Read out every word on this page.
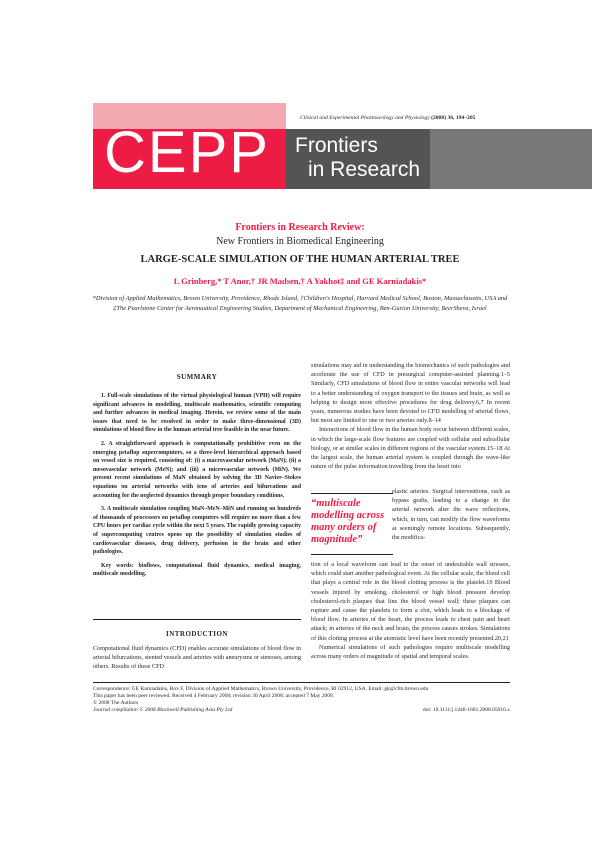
Clinical and Experimental Pharmacology and Physiology (2008) 36, 194–205
CEPP Frontiers
in Research
Frontiers in Research Review:
New Frontiers in Biomedical Engineering
LARGE-SCALE SIMULATION OF THE HUMAN ARTERIAL TREE
L Grinberg,* T Anor,† JR Madsen,† A Yakhot‡ and GE Karniadakis*
*Division of Applied Mathematics, Brown University, Providence, Rhode Island, †Children's Hospital, Harvard Medical School, Boston, Massachusetts, USA and ‡The Pearlstone Center for Aeronautical Engineering Studies, Department of Mechanical Engineering, Ben-Gurion University, BeerSheva, Israel
SUMMARY

1. Full-scale simulations of the virtual physiological human (VPH) will require significant advances in modelling, multiscale mathematics, scientific computing and further advances in medical imaging. Herein, we review some of the main issues that need to be resolved in order to make three-dimensional (3D) simulations of blood flow in the human arterial tree feasible in the near future.

2. A straightforward approach is computationally prohibitive even on the emerging petaflop supercomputers, so a three-level hierarchical approach based on vessel size is required, consisting of: (i) a macrovascular network (MaN); (ii) a mesovascular network (MeN); and (iii) a microvascular network (MiN). We present recent simulations of MaN obtained by solving the 3D Navier–Stokes equations on arterial networks with tens of arteries and bifurcations and accounting for the neglected dynamics through proper boundary conditions.

3. A multiscale simulation coupling MaN–MeN–MiN and running on hundreds of thousands of processors on petaflop computers will require no more than a few CPU hours per cardiac cycle within the next 5 years. The rapidly growing capacity of supercomputing centres opens up the possibility of simulation studies of cardiovascular diseases, drug delivery, perfusion in the brain and other pathologies.

Key words: bioflows, computational fluid dynamics, medical imaging, multiscale modelling.

INTRODUCTION
Computational fluid dynamics (CFD) enables accurate simulations of blood flow in arterial bifurcations, stented vessels and arteries with aneurysms or stenoses, among others. Results of these CFD

simulations may aid in understanding the biomechanics of such pathologies and accelerate the use of CFD in presurgical computer-assisted planning.1–5 Similarly, CFD simulations of blood flow in entire vascular networks will lead to a better understanding of oxygen transport to the tissues and brain, as well as helping to design more effective procedures for drug delivery.6,7 In recent years, numerous studies have been devoted to CFD modelling of arterial flows, but most are limited to one or two arteries only.8–14

Interactions of blood flow in the human body occur between different scales, in which the large-scale flow features are coupled with cellular and subcellular biology, or at similar scales in different regions of the vascular system.15–18 At the largest scale, the human arterial system is coupled through the wave-like nature of the pulse information travelling from the heart into

“multiscale modelling across many orders of magnitude”
elastic arteries. Surgical interventions, such as bypass grafts, leading to a change in the arterial network alter the wave reflections, which, in turn, can modify the flow waveforms at seemingly remote locations. Subsequently, the modifica-

tion of a local waveform can lead to the onset of undesirable wall stresses, which could start another pathological event. At the cellular scale, the blood cell that plays a central role in the blood clotting process is the platelet.19 Blood vessels injured by smoking, cholesterol or high blood pressure develop cholesterol-rich plaques that line the blood vessel wall; these plaques can rupture and cause the platelets to form a clot, which leads to a blockage of blood flow. In arteries of the heart, the process leads to chest pain and heart attack; in arteries of the neck and brain, the process causes strokes. Simulations of this clotting process at the atomistic level have been recently presented.20,21

Numerical simulations of such pathologies require multiscale modelling across many orders of magnitude of spatial and temporal scales.

Correspondence: GE Karniadakis, Box F, Division of Applied Mathematics, Brown University, Providence, RI 02912, USA. Email: gk@cfm.brown.edu
This paper has been peer reviewed. Received 4 February 2008; revision 30 April 2008; accepted 7 May 2008.
© 2008 The Authors
Journal compilation © 2008 Blackwell Publishing Asia Pty Ltd	doi: 10.1111/j.1440-1681.2008.05010.x
